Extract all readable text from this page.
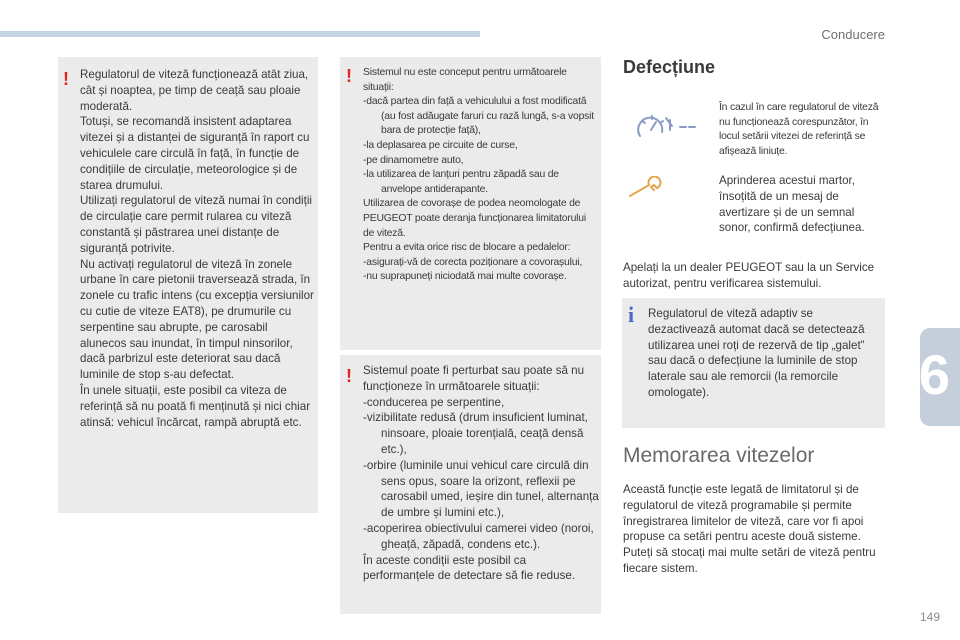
Conducere
6
149
! Regulatorul de viteză funcționează atât ziua, cât și noaptea, pe timp de ceață sau ploaie moderată.

Totuși, se recomandă insistent adaptarea vitezei și a distanței de siguranță în raport cu vehiculele care circulă în față, în funcție de condițiile de circulație, meteorologice și de starea drumului.

Utilizați regulatorul de viteză numai în condiții de circulație care permit rularea cu viteză constantă și păstrarea unei distanțe de siguranță potrivite.

Nu activați regulatorul de viteză în zonele urbane în care pietonii traversează strada, în zonele cu trafic intens (cu excepția versiunilor cu cutie de viteze EAT8), pe drumurile cu serpentine sau abrupte, pe carosabil alunecos sau inundat, în timpul ninsorilor, dacă parbrizul este deteriorat sau dacă luminile de stop s-au defectat.

În unele situații, este posibil ca viteza de referință să nu poată fi menținută și nici chiar atinsă: vehicul încărcat, rampă abruptă etc.

! Sistemul nu este conceput pentru următoarele situații:

-dacă partea din față a vehiculului a fost modificată (au fost adăugate faruri cu rază lungă, s-a vopsit bara de protecție față),

-la deplasarea pe circuite de curse,

-pe dinamometre auto,

-la utilizarea de lanțuri pentru zăpadă sau de anvelope antiderapante.

Utilizarea de covorașe de podea neomologate de PEUGEOT poate deranja funcționarea limitatorului de viteză.

Pentru a evita orice risc de blocare a pedalelor:

-asigurați-vă de corecta poziționare a covorașului,

-nu suprapuneți niciodată mai multe covorașe.

! Sistemul poate fi perturbat sau poate să nu funcționeze în următoarele situații:

-conducerea pe serpentine,

-vizibilitate redusă (drum insuficient luminat, ninsoare, ploaie torențială, ceață densă etc.),

-orbire (luminile unui vehicul care circulă din sens opus, soare la orizont, reflexii pe carosabil umed, ieșire din tunel, alternanța de umbre și lumini etc.),

-acoperirea obiectivului camerei video (noroi, gheață, zăpadă, condens etc.).

În aceste condiții este posibil ca performanțele de detectare să fie reduse.

Defecțiune
În cazul în care regulatorul de viteză nu funcționează corespunzător, în locul setării vitezei de referință se afișează liniuțe.
Aprinderea acestui martor, însoțită de un mesaj de avertizare și de un semnal sonor, confirmă defecțiunea.
Apelați la un dealer PEUGEOT sau la un Service autorizat, pentru verificarea sistemului.
i Regulatorul de viteză adaptiv se dezactivează automat dacă se detectează utilizarea unei roți de rezervă de tip „galet” sau dacă o defecțiune la luminile de stop laterale sau ale remorcii (la remorcile omologate).
Memorarea vitezelor
Această funcție este legată de limitatorul și de regulatorul de viteză programabile și permite înregistrarea limitelor de viteză, care vor fi apoi propuse ca setări pentru aceste două sisteme. Puteți să stocați mai multe setări de viteză pentru fiecare sistem.
